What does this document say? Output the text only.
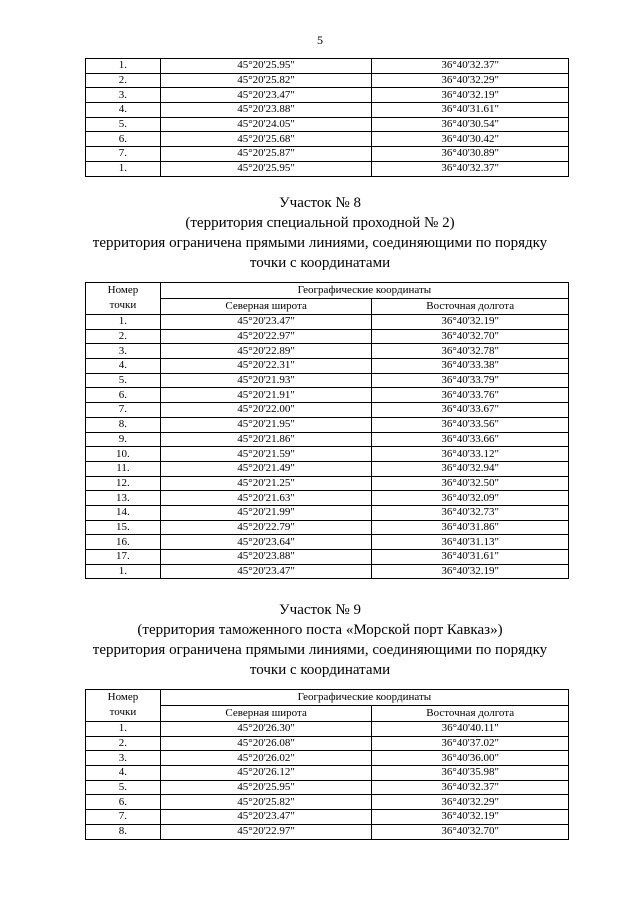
5
1.	45°20'25.95"	36°40'32.37"
2.	45°20'25.82"	36°40'32.29"
3.	45°20'23.47"	36°40'32.19"
4.	45°20'23.88"	36°40'31.61"
5.	45°20'24.05"	36°40'30.54"
6.	45°20'25.68"	36°40'30.42"
7.	45°20'25.87"	36°40'30.89"
1.	45°20'25.95"	36°40'32.37"
Участок № 8
(территория специальной проходной № 2)
территория ограничена прямыми линиями, соединяющими по порядку
точки с координатами
Номер
точки	Географические координаты	
	Северная широта	Восточная долгота
1.	45°20'23.47"	36°40'32.19"
2.	45°20'22.97"	36°40'32.70"
3.	45°20'22.89"	36°40'32.78"
4.	45°20'22.31"	36°40'33.38"
5.	45°20'21.93"	36°40'33.79"
6.	45°20'21.91"	36°40'33.76"
7.	45°20'22.00"	36°40'33.67"
8.	45°20'21.95"	36°40'33.56"
9.	45°20'21.86"	36°40'33.66"
10.	45°20'21.59"	36°40'33.12"
11.	45°20'21.49"	36°40'32.94"
12.	45°20'21.25"	36°40'32.50"
13.	45°20'21.63"	36°40'32.09"
14.	45°20'21.99"	36°40'32.73"
15.	45°20'22.79"	36°40'31.86"
16.	45°20'23.64"	36°40'31.13"
17.	45°20'23.88"	36°40'31.61"
1.	45°20'23.47"	36°40'32.19"
Участок № 9
(территория таможенного поста «Морской порт Кавказ»)
территория ограничена прямыми линиями, соединяющими по порядку
точки с координатами
Номер
точки	Географические координаты	
	Северная широта	Восточная долгота
1.	45°20'26.30"	36°40'40.11"
2.	45°20'26.08"	36°40'37.02"
3.	45°20'26.02"	36°40'36.00"
4.	45°20'26.12"	36°40'35.98"
5.	45°20'25.95"	36°40'32.37"
6.	45°20'25.82"	36°40'32.29"
7.	45°20'23.47"	36°40'32.19"
8.	45°20'22.97"	36°40'32.70"
